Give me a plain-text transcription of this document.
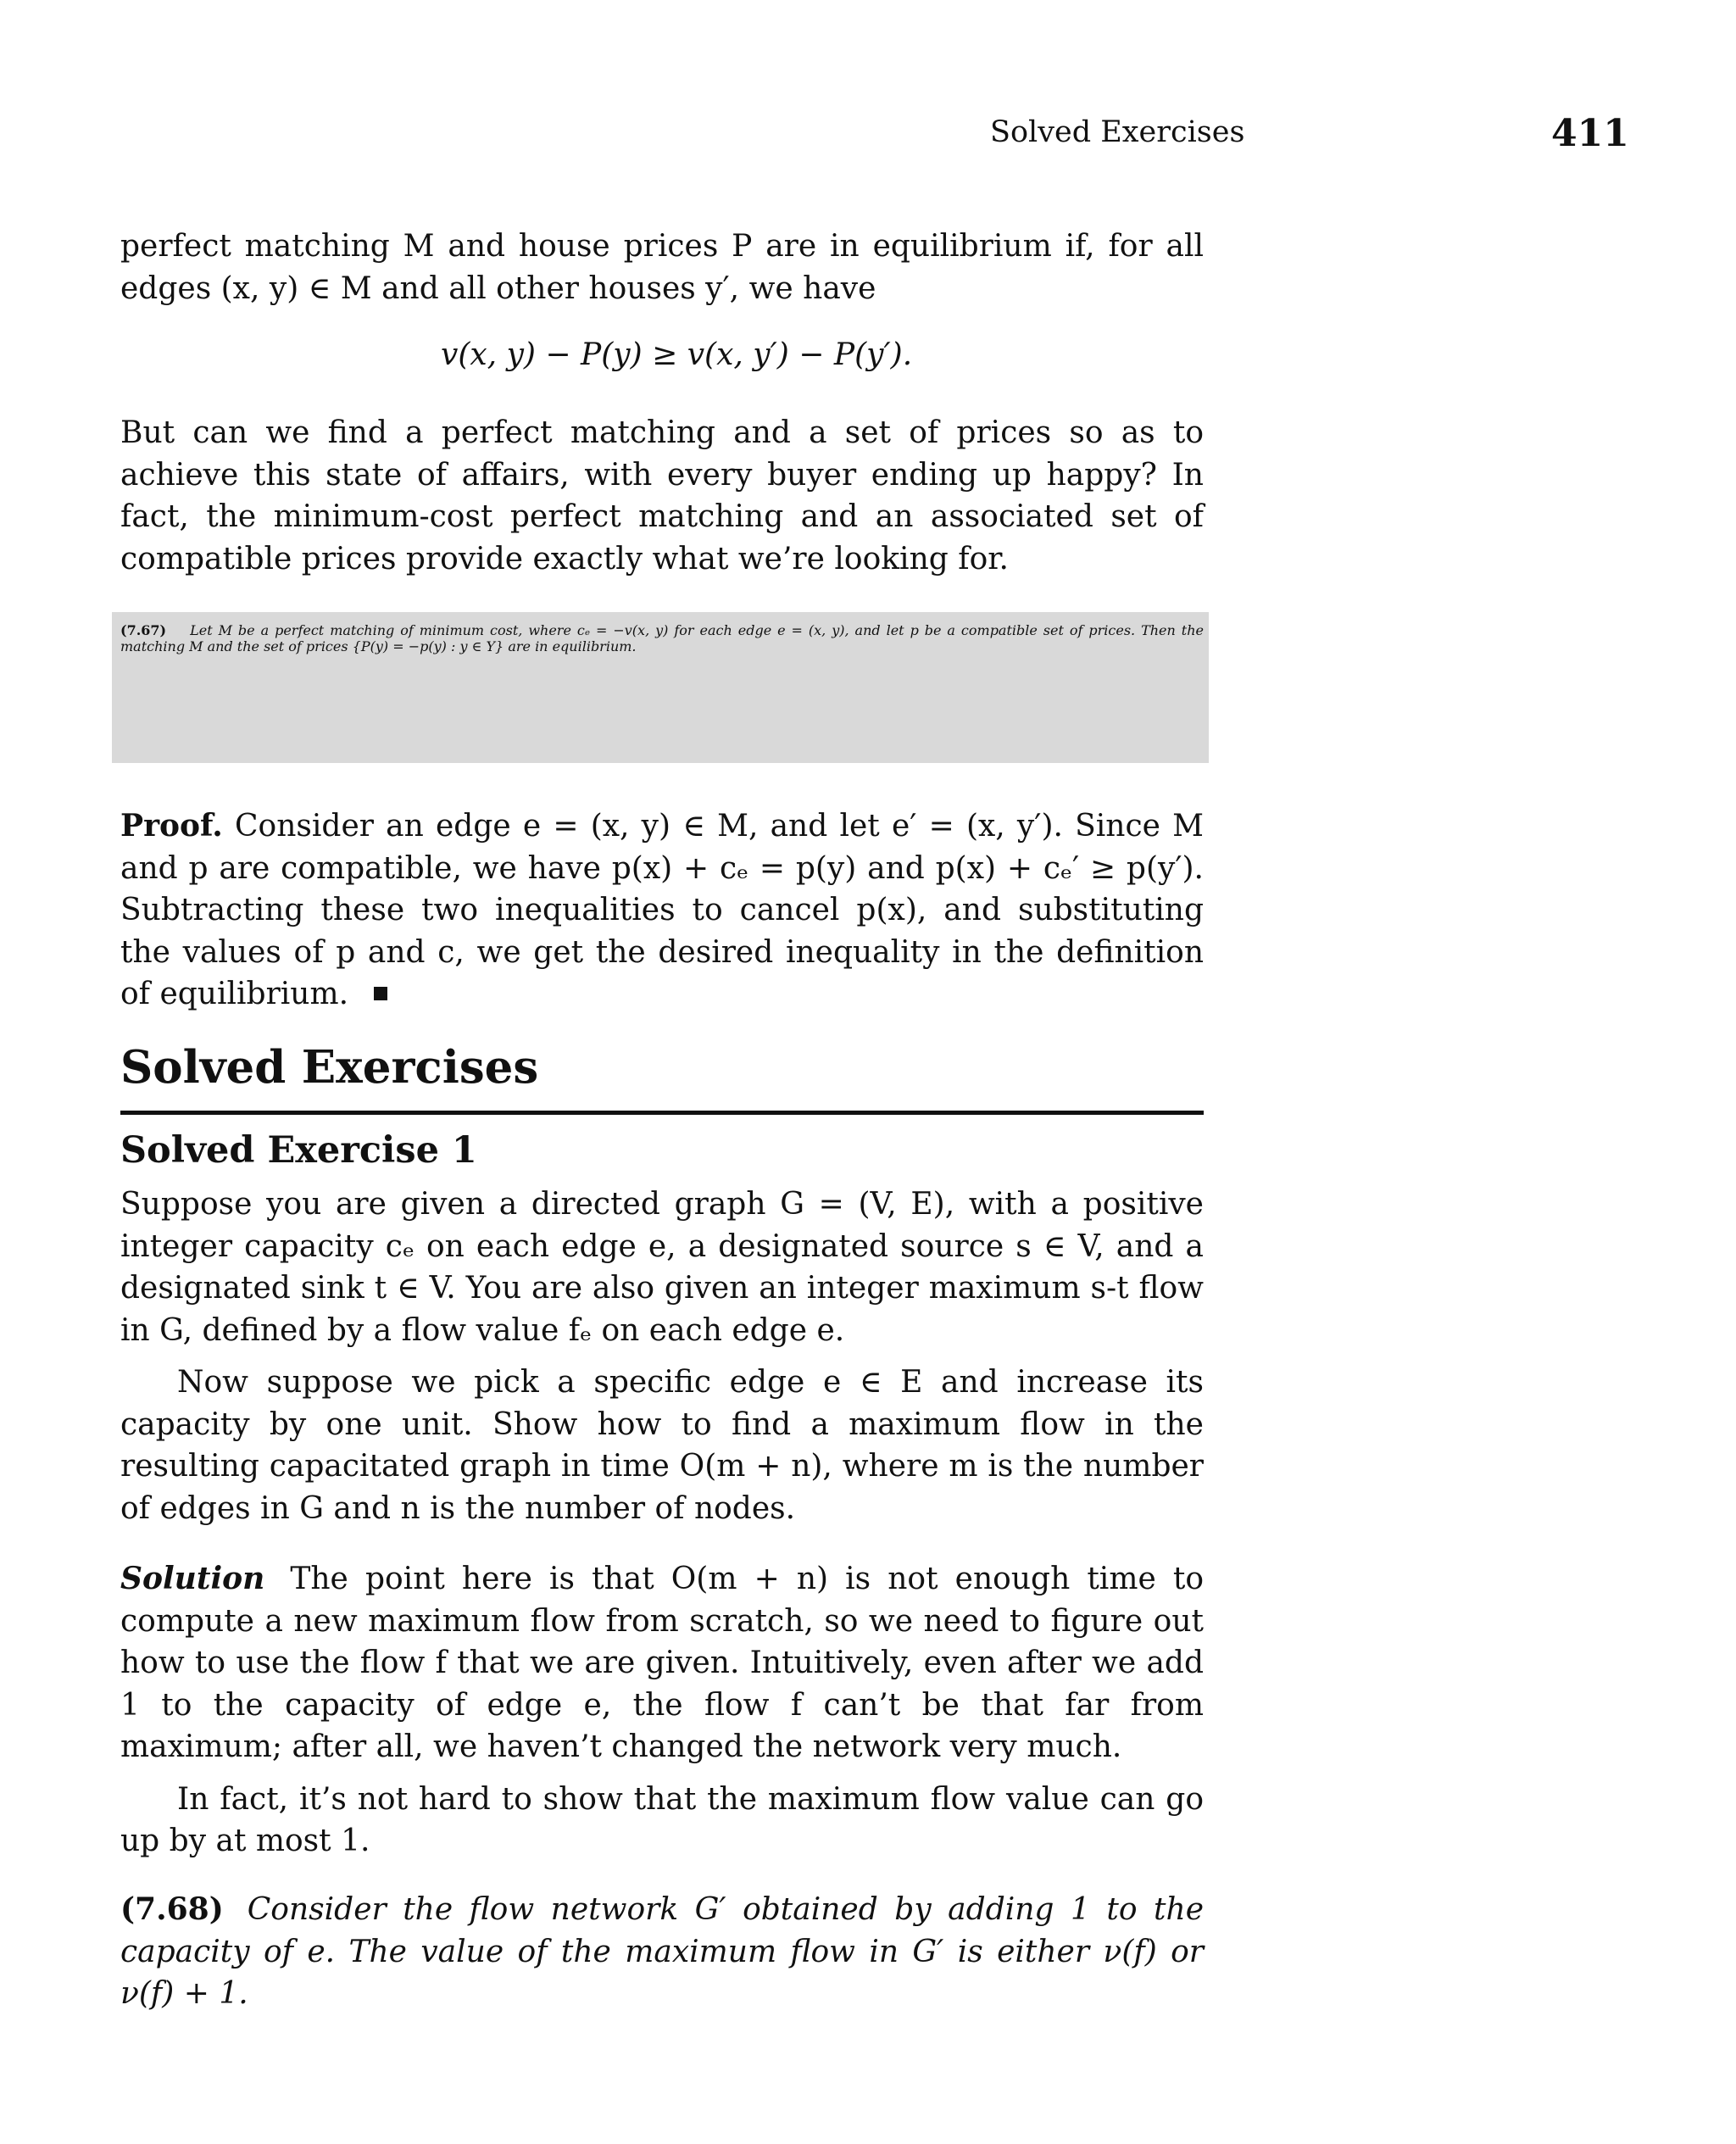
Solved Exercises	411

perfect matching M and house prices P are in equilibrium if, for all edges (x, y) ∈ M and all other houses y′, we have

v(x, y) − P(y) ≥ v(x, y′) − P(y′).

But can we find a perfect matching and a set of prices so as to achieve this state of affairs, with every buyer ending up happy? In fact, the minimum-cost perfect matching and an associated set of compatible prices provide exactly what we’re looking for.

(7.67) Let M be a perfect matching of minimum cost, where cₑ = −v(x, y) for each edge e = (x, y), and let p be a compatible set of prices. Then the matching M and the set of prices {P(y) = −p(y) : y ∈ Y} are in equilibrium.

Proof. Consider an edge e = (x, y) ∈ M, and let e′ = (x, y′). Since M and p are compatible, we have p(x) + cₑ = p(y) and p(x) + cₑ′ ≥ p(y′). Subtracting these two inequalities to cancel p(x), and substituting the values of p and c, we get the desired inequality in the definition of equilibrium.

Solved Exercises
Solved Exercise 1

Suppose you are given a directed graph G = (V, E), with a positive integer capacity cₑ on each edge e, a designated source s ∈ V, and a designated sink t ∈ V. You are also given an integer maximum s-t flow in G, defined by a flow value fₑ on each edge e.

Now suppose we pick a specific edge e ∈ E and increase its capacity by one unit. Show how to find a maximum flow in the resulting capacitated graph in time O(m + n), where m is the number of edges in G and n is the number of nodes.

Solution The point here is that O(m + n) is not enough time to compute a new maximum flow from scratch, so we need to figure out how to use the flow f that we are given. Intuitively, even after we add 1 to the capacity of edge e, the flow f can’t be that far from maximum; after all, we haven’t changed the network very much.

In fact, it’s not hard to show that the maximum flow value can go up by at most 1.

(7.68) Consider the flow network G′ obtained by adding 1 to the capacity of e. The value of the maximum flow in G′ is either ν(f) or ν(f) + 1.
